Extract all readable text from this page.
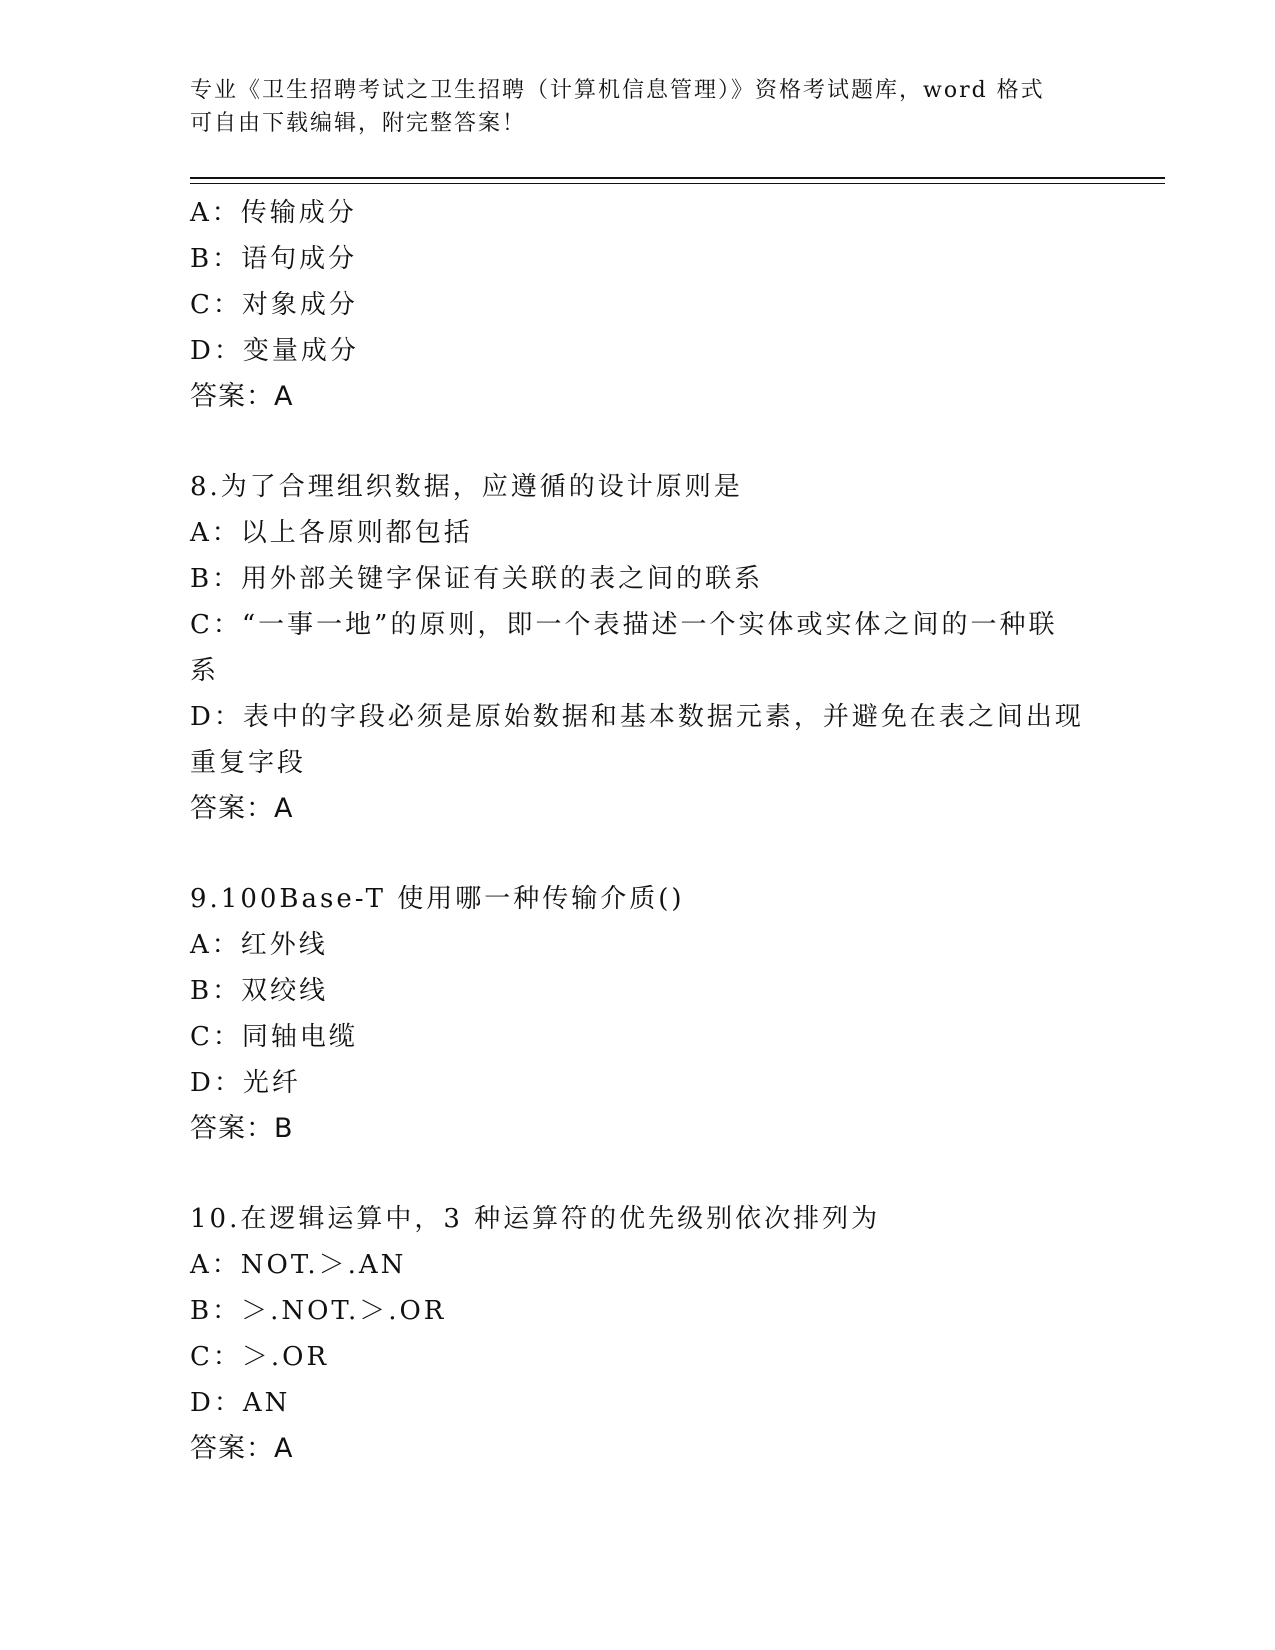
专业《卫生招聘考试之卫生招聘（计算机信息管理）》资格考试题库，word 格式
可自由下载编辑，附完整答案！
A：传输成分
B：语句成分
C：对象成分
D：变量成分
答案：A
8.为了合理组织数据，应遵循的设计原则是
A：以上各原则都包括
B：用外部关键字保证有关联的表之间的联系
C：“一事一地”的原则，即一个表描述一个实体或实体之间的一种联
系
D：表中的字段必须是原始数据和基本数据元素，并避免在表之间出现
重复字段
答案：A
9.100Base-T 使用哪一种传输介质()
A：红外线
B：双绞线
C：同轴电缆
D：光纤
答案：B
10.在逻辑运算中，3 种运算符的优先级别依次排列为
A：NOT.＞.AN
B：＞.NOT.＞.OR
C：＞.OR
D：AN
答案：A
